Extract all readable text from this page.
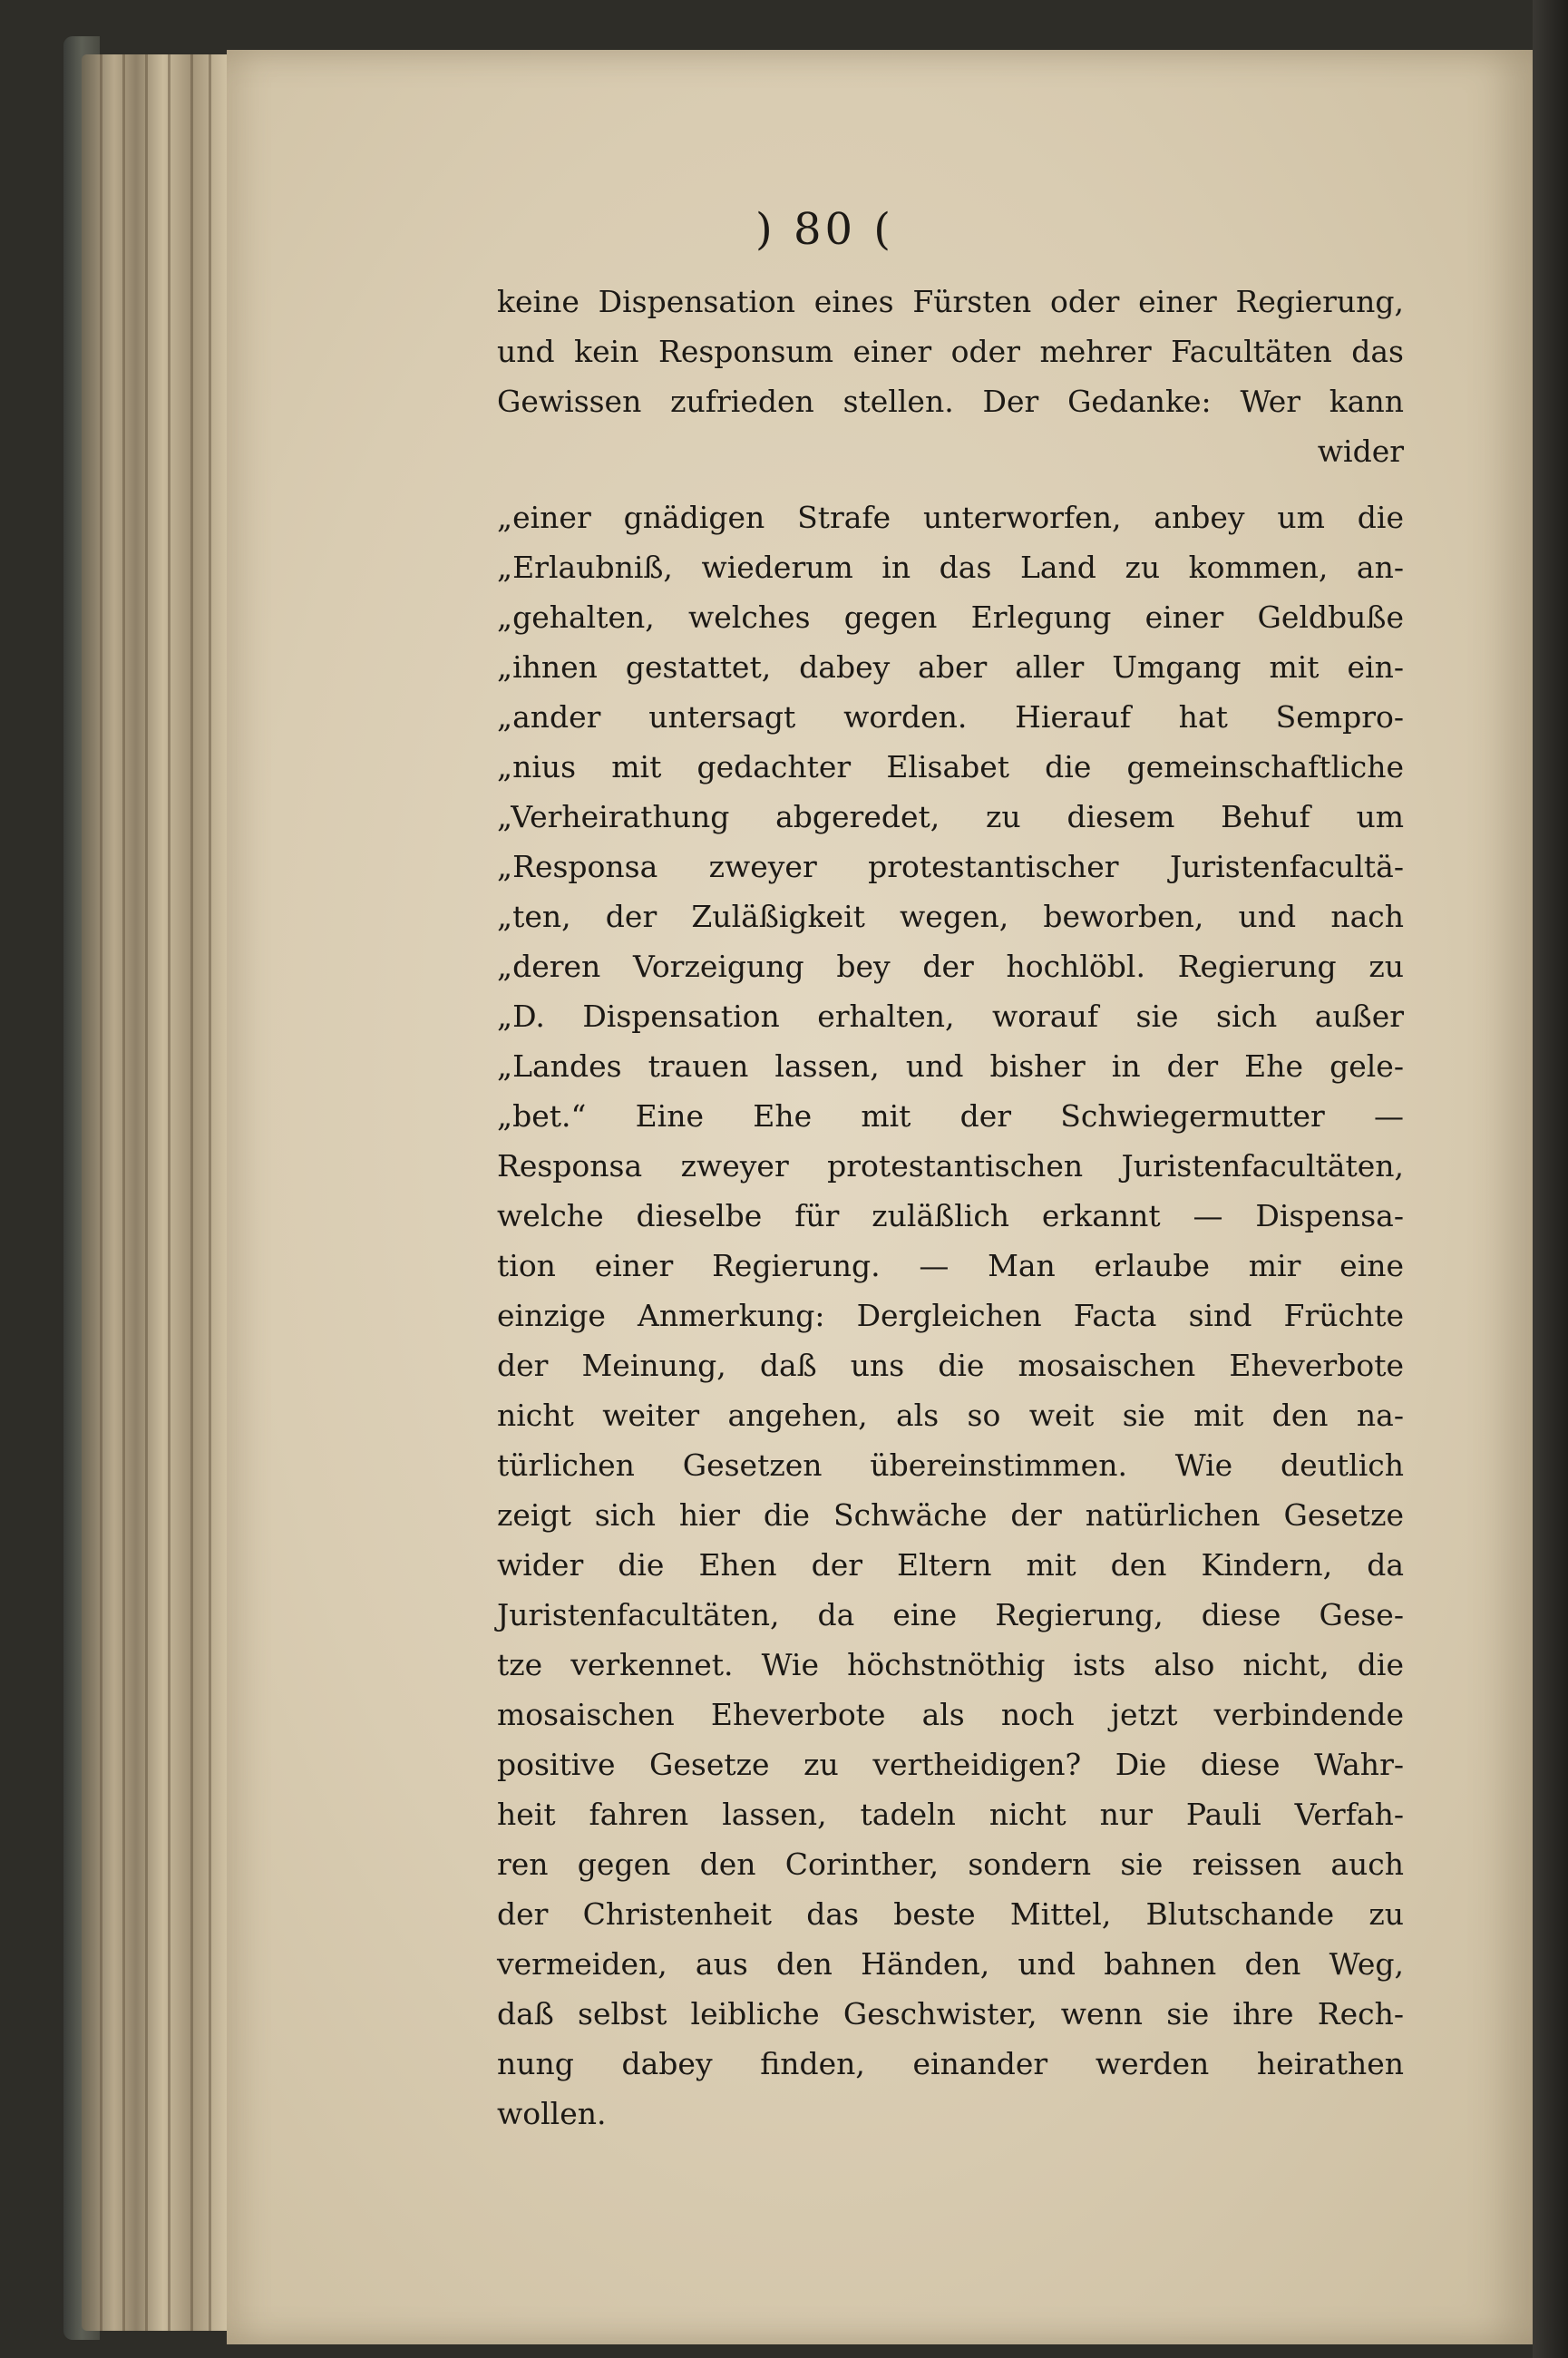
) 80 (
keine Dispensation eines Fürsten oder einer Regierung,
und kein Responsum einer oder mehrer Facultäten das
Gewissen zufrieden stellen. Der Gedanke: Wer kann
wider
„einer gnädigen Strafe unterworfen, anbey um die
„Erlaubniß, wiederum in das Land zu kommen, an-
„gehalten, welches gegen Erlegung einer Geldbuße
„ihnen gestattet, dabey aber aller Umgang mit ein-
„ander untersagt worden. Hierauf hat Sempro-
„nius mit gedachter Elisabet die gemeinschaftliche
„Verheirathung abgeredet, zu diesem Behuf um
„Responsa zweyer protestantischer Juristenfacultä-
„ten, der Zuläßigkeit wegen, beworben, und nach
„deren Vorzeigung bey der hochlöbl. Regierung zu
„D. Dispensation erhalten, worauf sie sich außer
„Landes trauen lassen, und bisher in der Ehe gele-
„bet.“ Eine Ehe mit der Schwiegermutter —
Responsa zweyer protestantischen Juristenfacultäten,
welche dieselbe für zuläßlich erkannt — Dispensa-
tion einer Regierung. — Man erlaube mir eine
einzige Anmerkung: Dergleichen Facta sind Früchte
der Meinung, daß uns die mosaischen Eheverbote
nicht weiter angehen, als so weit sie mit den na-
türlichen Gesetzen übereinstimmen. Wie deutlich
zeigt sich hier die Schwäche der natürlichen Gesetze
wider die Ehen der Eltern mit den Kindern, da
Juristenfacultäten, da eine Regierung, diese Gese-
tze verkennet. Wie höchstnöthig ists also nicht, die
mosaischen Eheverbote als noch jetzt verbindende
positive Gesetze zu vertheidigen? Die diese Wahr-
heit fahren lassen, tadeln nicht nur Pauli Verfah-
ren gegen den Corinther, sondern sie reissen auch
der Christenheit das beste Mittel, Blutschande zu
vermeiden, aus den Händen, und bahnen den Weg,
daß selbst leibliche Geschwister, wenn sie ihre Rech-
nung dabey finden, einander werden heirathen
wollen.
